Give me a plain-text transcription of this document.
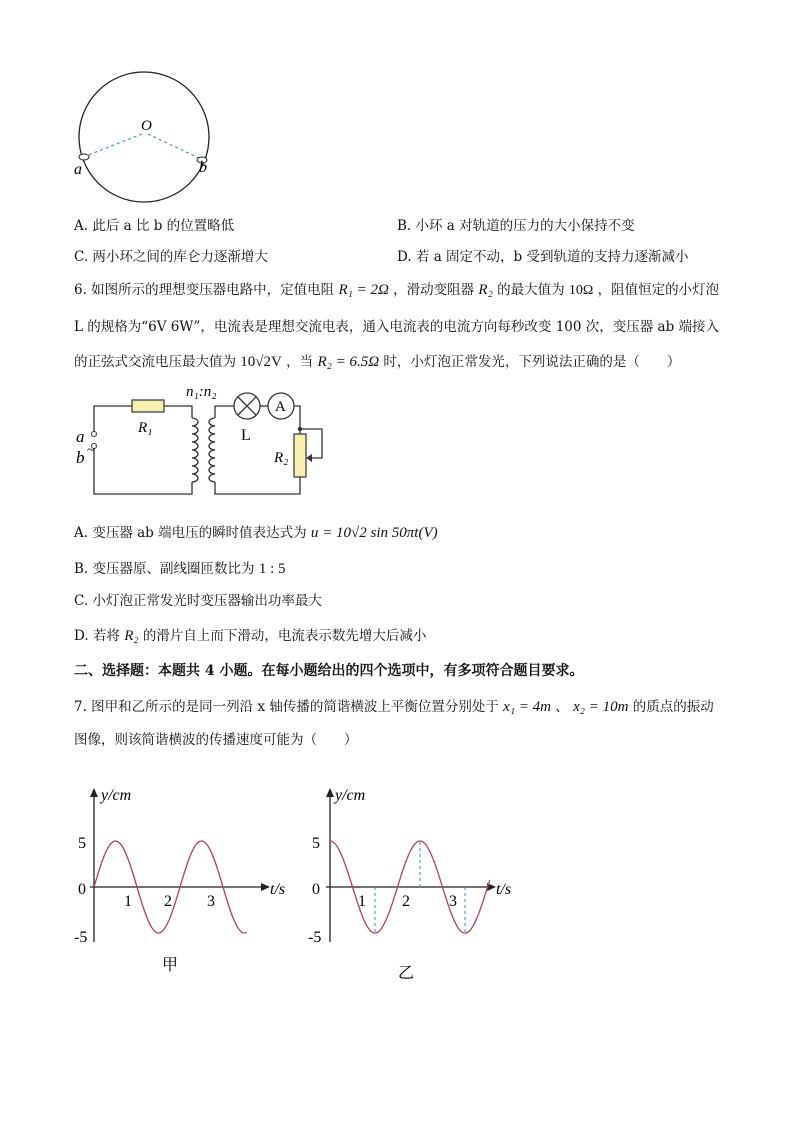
O
a	b
A. 此后 a 比 b 的位置略低	B. 小环 a 对轨道的压力的大小保持不变
C. 两小环之间的库仑力逐渐增大	D. 若 a 固定不动，b 受到轨道的支持力逐渐减小
6. 如图所示的理想变压器电路中，定值电阻 R₁ = 2Ω ，滑动变阻器 R₂ 的最大值为 10Ω ，阻值恒定的小灯泡
L 的规格为“6V 6W”，电流表是理想交流电表，通入电流表的电流方向每秒改变 100 次，变压器 ab 端接入
的正弦式交流电压最大值为 10√2V ，当 R₂ = 6.5Ω 时，小灯泡正常发光，下列说法正确的是（　　）
n₁:n₂
R₁
a
~
b
L
A
R₂
A. 变压器 ab 端电压的瞬时值表达式为 u = 10√2 sin 50πt(V)
B. 变压器原、副线圈匝数比为 1 : 5
C. 小灯泡正常发光时变压器输出功率最大
D. 若将 R₂ 的滑片自上而下滑动，电流表示数先增大后减小
二、选择题：本题共 4 小题。在每小题给出的四个选项中，有多项符合题目要求。
7. 图甲和乙所示的是同一列沿 x 轴传播的简谐横波上平衡位置分别处于 x₁ = 4m 、 x₂ = 10m 的质点的振动
图像，则该简谐横波的传播速度可能为（　　）
y/cm
t/s
5
0
-5
1 2 3
甲
y/cm
t/s
5
0
-5
1 2 3
乙
